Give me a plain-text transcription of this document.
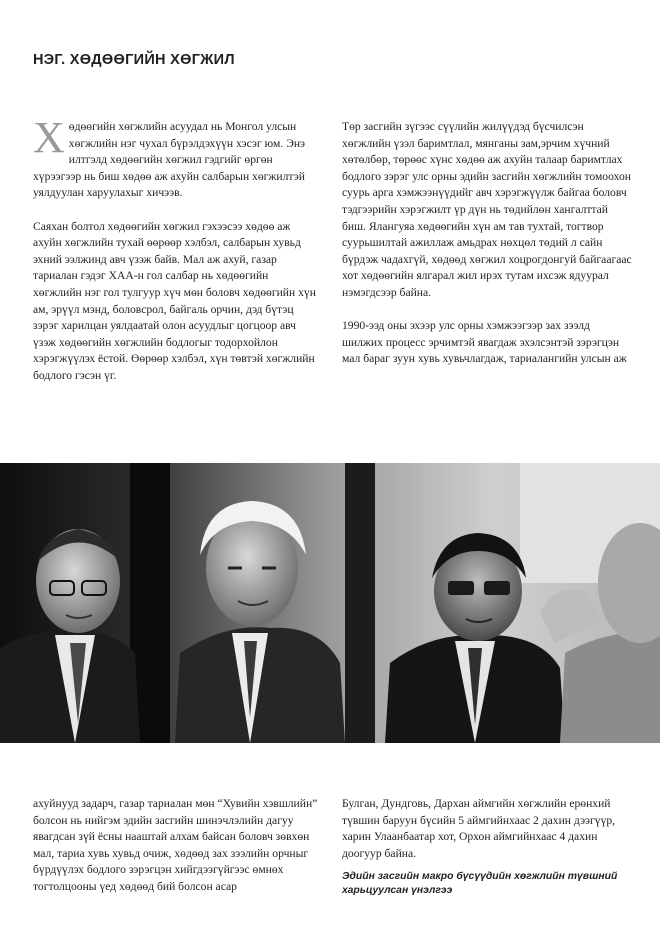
НЭГ. ХӨДӨӨГИЙН ХӨГЖИЛ

Хөдөөгийн хөгжлийн асуудал нь Монгол улсын хөгжлийн нэг чухал бүрэлдэхүүн хэсэг юм. Энэ илтгэлд хөдөөгийн хөгжил гэдгийг өргөн хүрээгээр нь биш хөдөө аж ахуйн салбарын хөгжилтэй уялдуулан харуулахыг хичээв.

Саяхан болтол хөдөөгийн хөгжил гэхээсээ хөдөө аж ахуйн хөгжлийн тухай өөрөөр хэлбэл, салбарын хувьд эхний ээлжинд авч үзэж байв. Мал аж ахуй, газар тариалан гэдэг ХАА-н гол салбар нь хөдөөгийн хөгжлийн нэг гол тулгуур хүч мөн боловч хөдөөгийн хүн ам, эрүүл мэнд, боловсрол, байгаль орчин, дэд бүтэц зэрэг харилцан уялдаатай олон асуудлыг цогцоор авч үзэж хөдөөгийн хөгжлийн бодлогыг тодорхойлон хэрэгжүүлэх ёстой. Өөрөөр хэлбэл, хүн төвтэй хөгжлийн бодлого гэсэн үг.

Төр засгийн зүгээс сүүлийн жилүүдэд бүсчилсэн хөгжлийн үзэл баримтлал, мянганы зам,эрчим хүчний хөтөлбөр, төрөөс хүнс хөдөө аж ахуйн талаар баримтлах бодлого зэрэг улс орны эдийн засгийн хөгжлийн томоохон суурь арга хэмжээнүүдийг авч хэрэгжүүлж байгаа боловч тэдгээрийн хэрэгжилт үр дүн нь төдийлөн хангалттай биш. Ялангуяа хөдөөгийн хүн ам тав тухтай, тогтвор суурьшилтай ажиллаж амьдрах нөхцөл төдий л сайн бүрдэж чадахгүй, хөдөөд хөгжил хоцрогдонгуй байгаагаас хот хөдөөгийн ялгарал жил ирэх тутам ихсэж ядуурал нэмэгдсээр байна.

1990-ээд оны эхээр улс орны хэмжээгээр зах зээлд шилжих процесс эрчимтэй явагдаж эхэлсэнтэй зэрэгцэн мал бараг зуун хувь хувьчлагдаж, тариалангийн улсын аж

ахуйнууд задарч, газар тариалан мөн “Хувийн хэвшлийн” болсон нь нийгэм эдийн засгийн шинэчлэлийн дагуу явагдсан зүй ёсны нааштай алхам байсан боловч зөвхөн мал, тариа хувь хувьд очиж, хөдөөд зах зээлийн орчныг бүрдүүлэх бодлого зэрэгцэн хийгдээгүйгээс өмнөх тогтолцооны үед хөдөөд бий болсон асар

Булган, Дундговь, Дархан аймгийн хөгжлийн ерөнхий түвшин баруун бүсийн 5 аймгийнхаас 2 дахин дээгүүр, харин Улаанбаатар хот, Орхон аймгийнхаас 4 дахин доогуур байна.

Эдийн засгийн макро бүсүүдийн хөгжлийн түвшний харьцуулсан үнэлгээ
